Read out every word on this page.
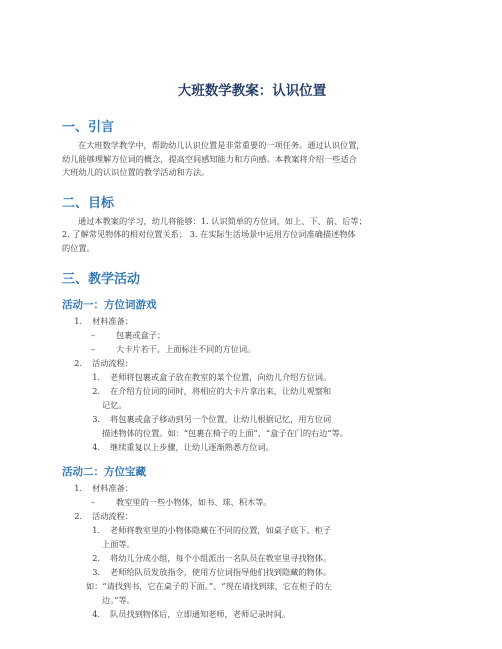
大班数学教案：认识位置
一、引言

在大班数学教学中，帮助幼儿认识位置是非常重要的一项任务。通过认识位置，

幼儿能够理解方位词的概念，提高空间感知能力和方向感。本教案将介绍一些适合

大班幼儿的认识位置的教学活动和方法。

二、目标

通过本教案的学习，幼儿将能够：1. 认识简单的方位词，如上、下、前、后等；

2. 了解常见物体的相对位置关系； 3. 在实际生活场景中运用方位词准确描述物体

的位置。

三、教学活动
活动一：方位词游戏
1.	材料准备：
–	包裹或盒子；
–	大卡片若干，上面标注不同的方位词。
2.	活动流程：
1.	老师将包裹或盒子放在教室的某个位置，向幼儿介绍方位词。
2.	在介绍方位词的同时，将相应的大卡片拿出来，让幼儿观察和
记忆。
3.	将包裹或盒子移动到另一个位置，让幼儿根据记忆，用方位词
描述物体的位置。如：“包裹在椅子的上面”、“盒子在门的右边”等。
4.	继续重复以上步骤，让幼儿逐渐熟悉方位词。
活动二：方位宝藏
1.	材料准备：
–	教室里的一些小物体，如书、球、积木等。
2.	活动流程：
1.	老师将教室里的小物体隐藏在不同的位置，如桌子底下、柜子
上面等。
2.	将幼儿分成小组，每个小组派出一名队员在教室里寻找物体。
3.	老师给队员发放指令，使用方位词指导他们找到隐藏的物体。
如：“请找到书，它在桌子的下面。”、“现在请找到球，它在柜子的左
边。”等。
4.	队员找到物体后，立即通知老师，老师记录时间。
